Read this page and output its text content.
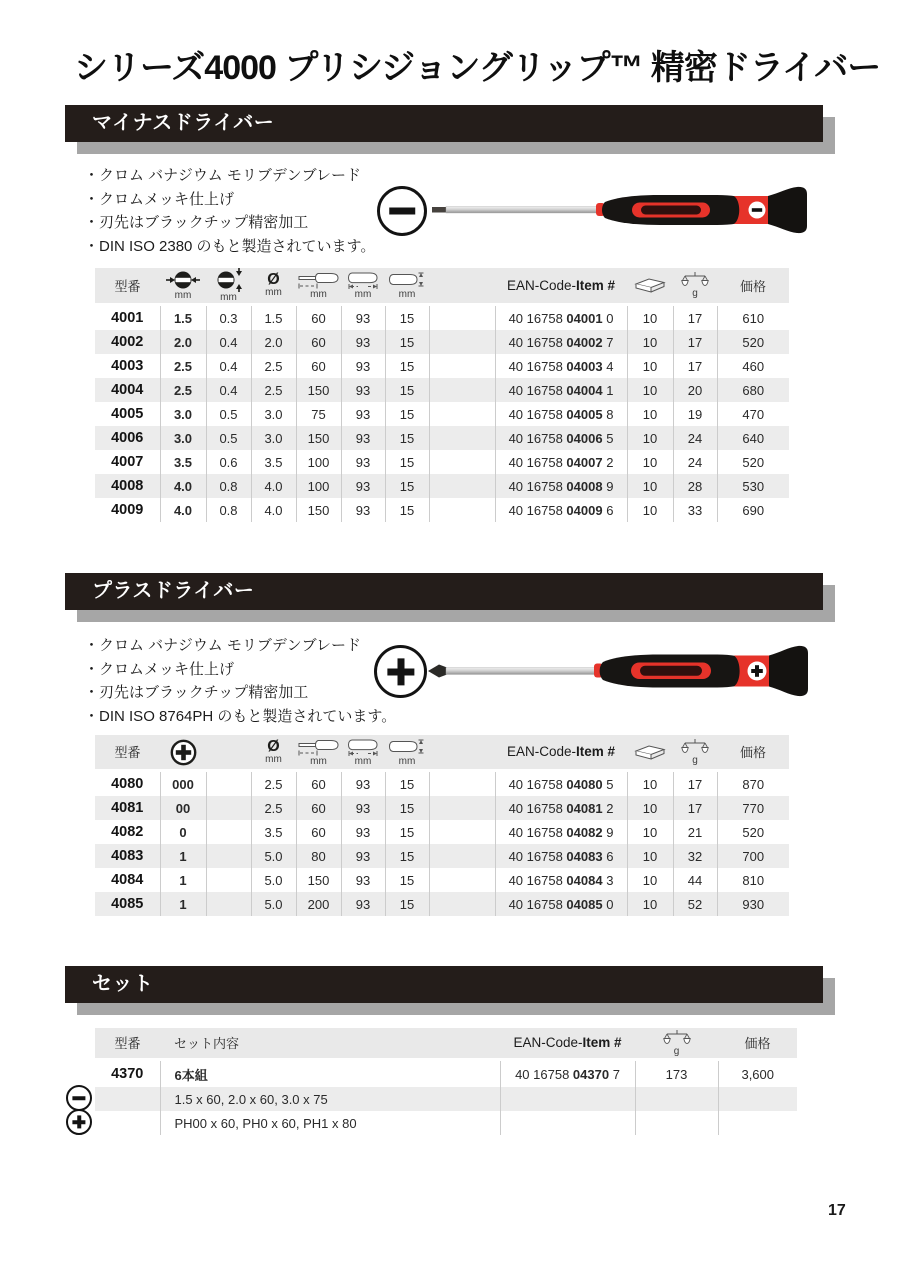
シリーズ4000 プリシジョングリップ™ 精密ドライバー
マイナスドライバー
・ クロム バナジウム モリブデンブレード
・ クロムメッキ仕上げ
・ 刃先はブラックチップ精密加工
・ DIN ISO 2380 のもと製造されています。
型番	mm	mm	Ø
mm	mm	mm	mm		EAN-Code-Item #		g	価格
4001	1.5	0.3	1.5	60	93	15		40 16758 04001 0	10	17	610
4002	2.0	0.4	2.0	60	93	15		40 16758 04002 7	10	17	520
4003	2.5	0.4	2.5	60	93	15		40 16758 04003 4	10	17	460
4004	2.5	0.4	2.5	150	93	15		40 16758 04004 1	10	20	680
4005	3.0	0.5	3.0	75	93	15		40 16758 04005 8	10	19	470
4006	3.0	0.5	3.0	150	93	15		40 16758 04006 5	10	24	640
4007	3.5	0.6	3.5	100	93	15		40 16758 04007 2	10	24	520
4008	4.0	0.8	4.0	100	93	15		40 16758 04008 9	10	28	530
4009	4.0	0.8	4.0	150	93	15		40 16758 04009 6	10	33	690
プラスドライバー
・ クロム バナジウム モリブデンブレード
・ クロムメッキ仕上げ
・ 刃先はブラックチップ精密加工
・ DIN ISO 8764PH のもと製造されています。
型番			Ø
mm	mm	mm	mm		EAN-Code-Item #		g	価格
4080	000		2.5	60	93	15		40 16758 04080 5	10	17	870
4081	00		2.5	60	93	15		40 16758 04081 2	10	17	770
4082	0		3.5	60	93	15		40 16758 04082 9	10	21	520
4083	1		5.0	80	93	15		40 16758 04083 6	10	32	700
4084	1		5.0	150	93	15		40 16758 04084 3	10	44	810
4085	1		5.0	200	93	15		40 16758 04085 0	10	52	930
セット
型番	セット内容	EAN-Code-Item #	g	価格
4370	6本組	40 16758 04370 7	173	3,600
	1.5 x 60, 2.0 x 60, 3.0 x 75			
	PH00 x 60, PH0 x 60, PH1 x 80			
17
